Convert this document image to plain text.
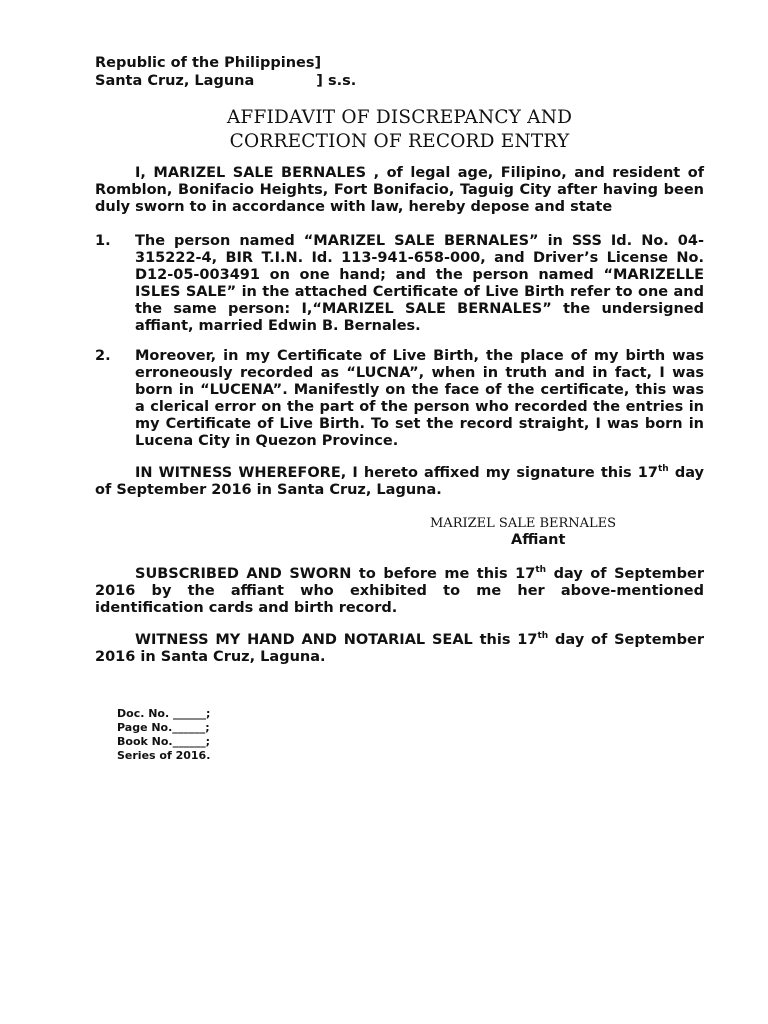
Republic of the Philippines]
Santa Cruz, Laguna	] s.s.
AFFIDAVIT OF DISCREPANCY AND
CORRECTION OF RECORD ENTRY
I, MARIZEL SALE BERNALES , of legal age, Filipino, and resident of Romblon, Bonifacio Heights, Fort Bonifacio, Taguig City after having been duly sworn to in accordance with law, hereby depose and state
1. The person named “MARIZEL SALE BERNALES” in SSS Id. No. 04-315222-4, BIR T.I.N. Id. 113-941-658-000, and Driver’s License No. D12-05-003491 on one hand; and the person named “MARIZELLE ISLES SALE” in the attached Certificate of Live Birth refer to one and the same person: I,“MARIZEL SALE BERNALES” the undersigned affiant, married Edwin B. Bernales.
2. Moreover, in my Certificate of Live Birth, the place of my birth was erroneously recorded as “LUCNA”, when in truth and in fact, I was born in “LUCENA”. Manifestly on the face of the certificate, this was a clerical error on the part of the person who recorded the entries in my Certificate of Live Birth. To set the record straight, I was born in Lucena City in Quezon Province.
IN WITNESS WHEREFORE, I hereto affixed my signature this 17th day of September 2016 in Santa Cruz, Laguna.
MARIZEL SALE BERNALES
Affiant
SUBSCRIBED AND SWORN to before me this 17th day of September 2016 by the affiant who exhibited to me her above-mentioned identification cards and birth record.
WITNESS MY HAND AND NOTARIAL SEAL this 17th day of September 2016 in Santa Cruz, Laguna.
Doc. No. ______;
Page No.______;
Book No.______;
Series of 2016.
